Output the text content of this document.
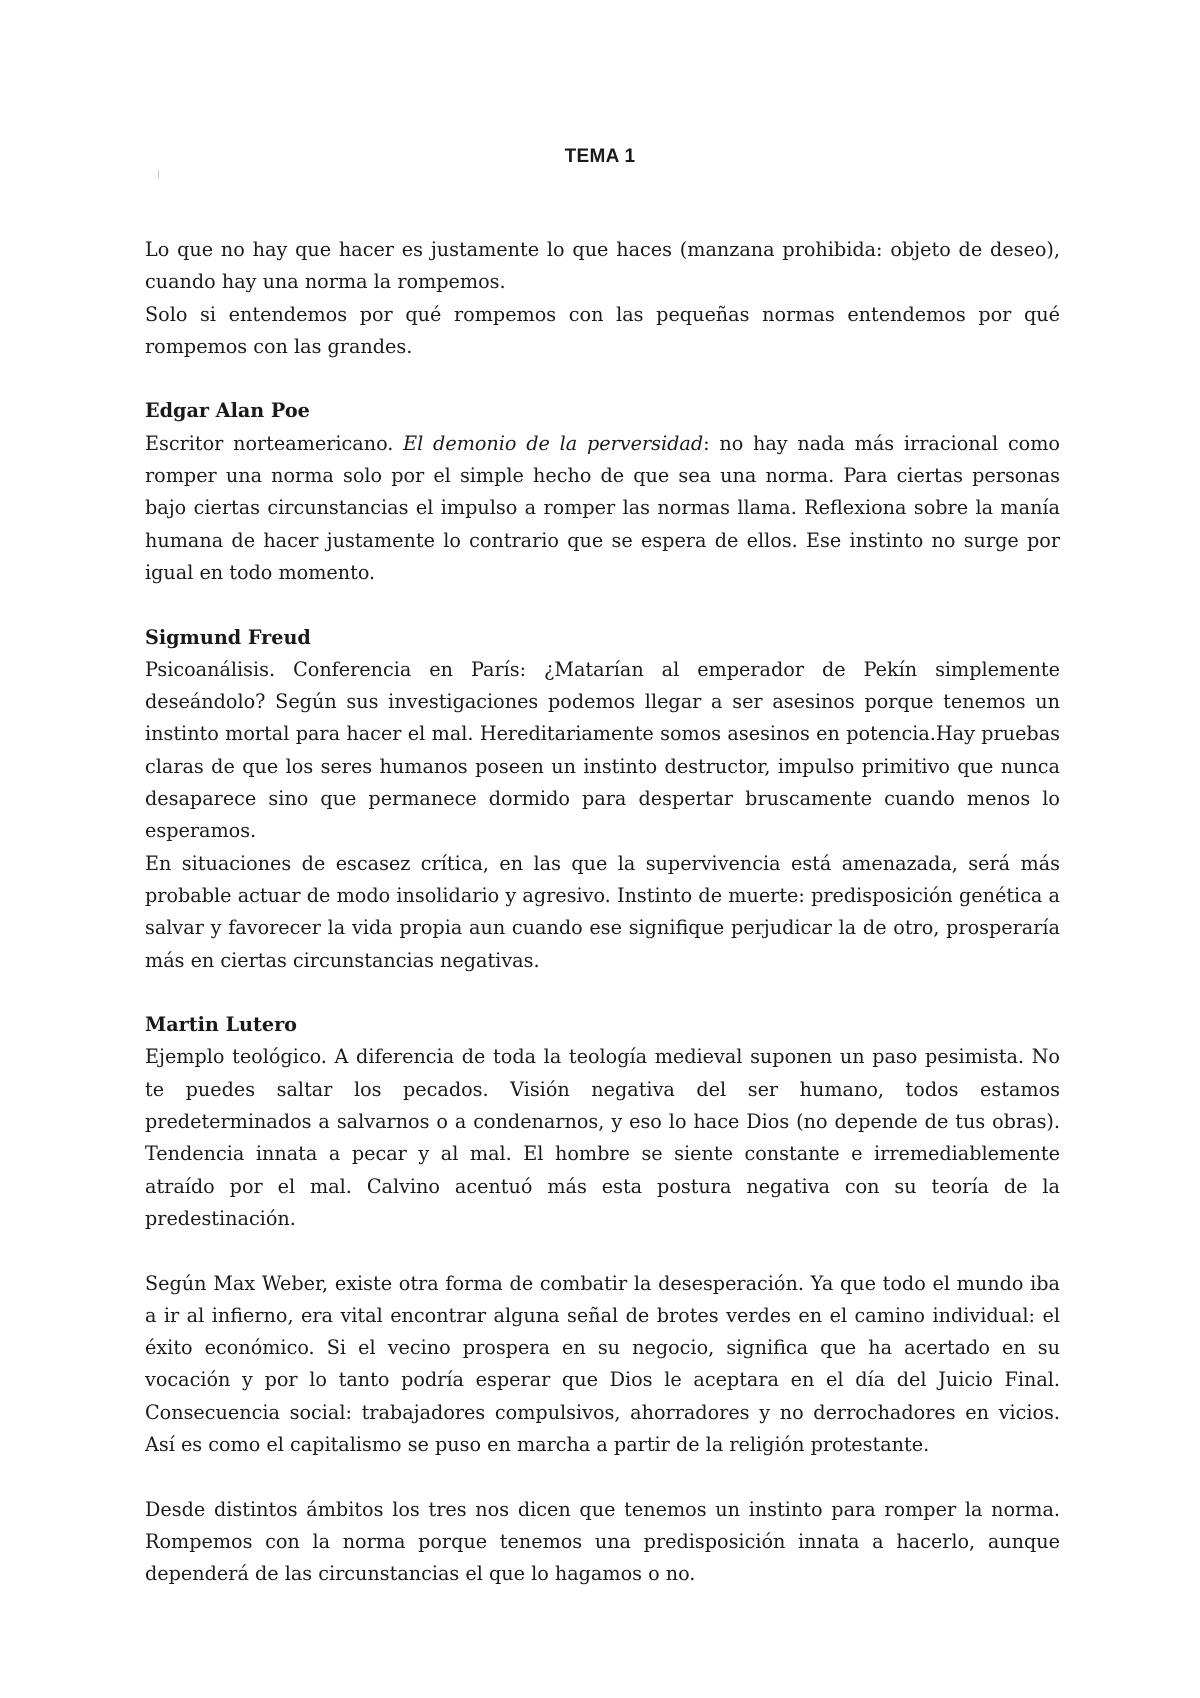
TEMA 1

Lo que no hay que hacer es justamente lo que haces (manzana prohibida: objeto de deseo), cuando hay una norma la rompemos.

Solo si entendemos por qué rompemos con las pequeñas normas entendemos por qué rompemos con las grandes.

Edgar Alan Poe

Escritor norteamericano. El demonio de la perversidad: no hay nada más irracional como romper una norma solo por el simple hecho de que sea una norma. Para ciertas personas bajo ciertas circunstancias el impulso a romper las normas llama. Reflexiona sobre la manía humana de hacer justamente lo contrario que se espera de ellos. Ese instinto no surge por igual en todo momento.

Sigmund Freud

Psicoanálisis. Conferencia en París: ¿Matarían al emperador de Pekín simplemente deseándolo? Según sus investigaciones podemos llegar a ser asesinos porque tenemos un instinto mortal para hacer el mal. Hereditariamente somos asesinos en potencia.Hay pruebas claras de que los seres humanos poseen un instinto destructor, impulso primitivo que nunca desaparece sino que permanece dormido para despertar bruscamente cuando menos lo esperamos.

En situaciones de escasez crítica, en las que la supervivencia está amenazada, será más probable actuar de modo insolidario y agresivo. Instinto de muerte: predisposición genética a salvar y favorecer la vida propia aun cuando ese signifique perjudicar la de otro, prosperaría más en ciertas circunstancias negativas.

Martin Lutero

Ejemplo teológico. A diferencia de toda la teología medieval suponen un paso pesimista. No te puedes saltar los pecados. Visión negativa del ser humano, todos estamos predeterminados a salvarnos o a condenarnos, y eso lo hace Dios (no depende de tus obras). Tendencia innata a pecar y al mal. El hombre se siente constante e irremediablemente atraído por el mal. Calvino acentuó más esta postura negativa con su teoría de la predestinación.

Según Max Weber, existe otra forma de combatir la desesperación. Ya que todo el mundo iba a ir al infierno, era vital encontrar alguna señal de brotes verdes en el camino individual: el éxito económico. Si el vecino prospera en su negocio, significa que ha acertado en su vocación y por lo tanto podría esperar que Dios le aceptara en el día del Juicio Final. Consecuencia social: trabajadores compulsivos, ahorradores y no derrochadores en vicios. Así es como el capitalismo se puso en marcha a partir de la religión protestante.

Desde distintos ámbitos los tres nos dicen que tenemos un instinto para romper la norma. Rompemos con la norma porque tenemos una predisposición innata a hacerlo, aunque dependerá de las circunstancias el que lo hagamos o no.
